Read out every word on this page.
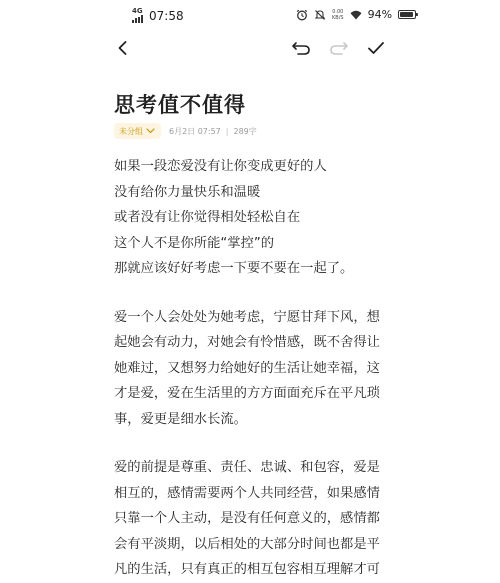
4G 07:58	0.00
KB/S 94%
思考值不值得
未分组	6月2日 07:57 | 289字
如果一段恋爱没有让你变成更好的人
没有给你力量快乐和温暖
或者没有让你觉得相处轻松自在
这个人不是你所能“掌控”的
那就应该好好考虑一下要不要在一起了。
爱一个人会处处为她考虑，宁愿甘拜下风，想
起她会有动力，对她会有怜惜感，既不舍得让
她难过，又想努力给她好的生活让她幸福，这
才是爱，爱在生活里的方方面面充斥在平凡琐
事，爱更是细水长流。
爱的前提是尊重、责任、忠诚、和包容，爱是
相互的，感情需要两个人共同经营，如果感情
只靠一个人主动，是没有任何意义的，感情都
会有平淡期，以后相处的大部分时间也都是平
凡的生活，只有真正的相互包容相互理解才可
